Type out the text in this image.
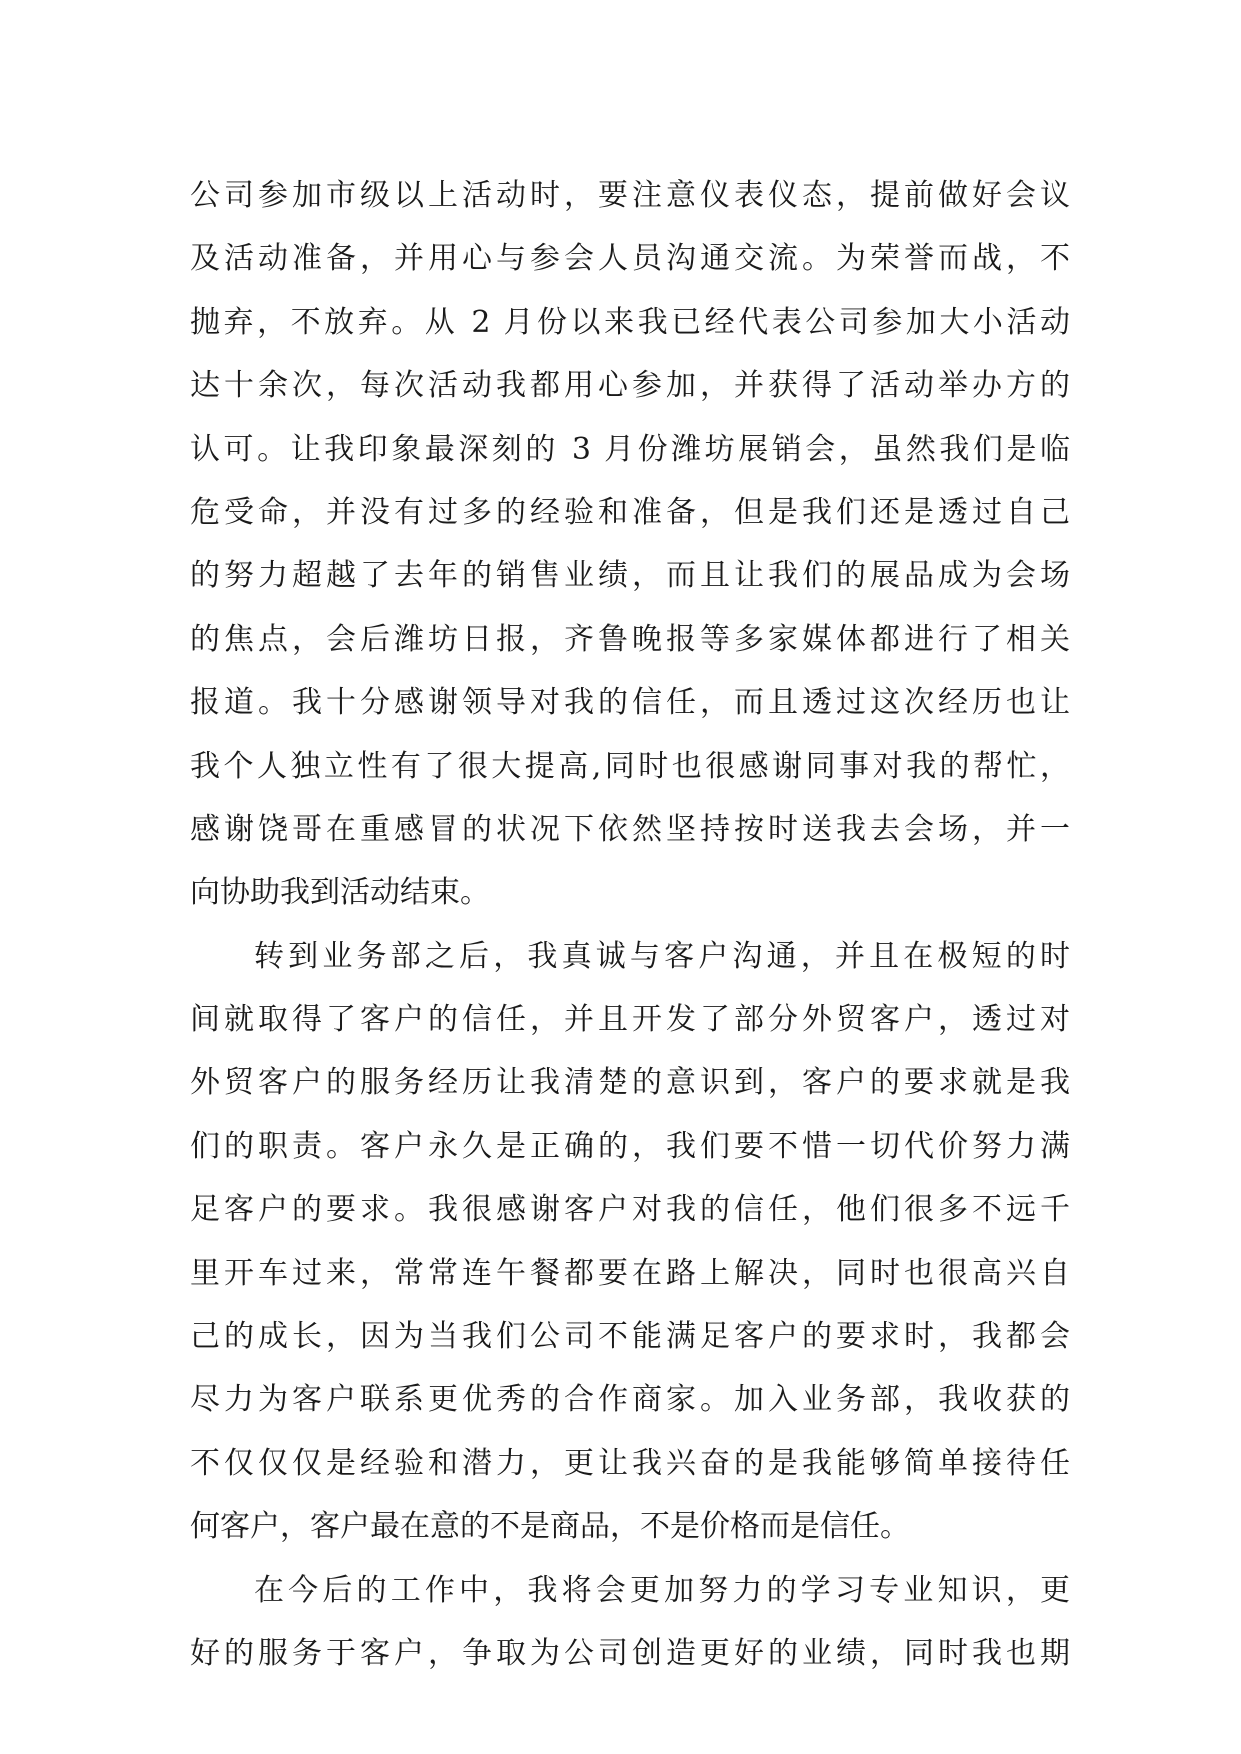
公司参加市级以上活动时，要注意仪表仪态，提前做好会议
及活动准备，并用心与参会人员沟通交流。为荣誉而战，不
抛弃，不放弃。从 2 月份以来我已经代表公司参加大小活动
达十余次，每次活动我都用心参加，并获得了活动举办方的
认可。让我印象最深刻的 3 月份潍坊展销会，虽然我们是临
危受命，并没有过多的经验和准备，但是我们还是透过自己
的努力超越了去年的销售业绩，而且让我们的展品成为会场
的焦点，会后潍坊日报，齐鲁晚报等多家媒体都进行了相关
报道。我十分感谢领导对我的信任，而且透过这次经历也让
我个人独立性有了很大提高,同时也很感谢同事对我的帮忙，
感谢饶哥在重感冒的状况下依然坚持按时送我去会场，并一
向协助我到活动结束。
转到业务部之后，我真诚与客户沟通，并且在极短的时
间就取得了客户的信任，并且开发了部分外贸客户，透过对
外贸客户的服务经历让我清楚的意识到，客户的要求就是我
们的职责。客户永久是正确的，我们要不惜一切代价努力满
足客户的要求。我很感谢客户对我的信任，他们很多不远千
里开车过来，常常连午餐都要在路上解决，同时也很高兴自
己的成长，因为当我们公司不能满足客户的要求时，我都会
尽力为客户联系更优秀的合作商家。加入业务部，我收获的
不仅仅仅是经验和潜力，更让我兴奋的是我能够简单接待任
何客户，客户最在意的不是商品，不是价格而是信任。
在今后的工作中，我将会更加努力的学习专业知识，更
好的服务于客户，争取为公司创造更好的业绩，同时我也期
